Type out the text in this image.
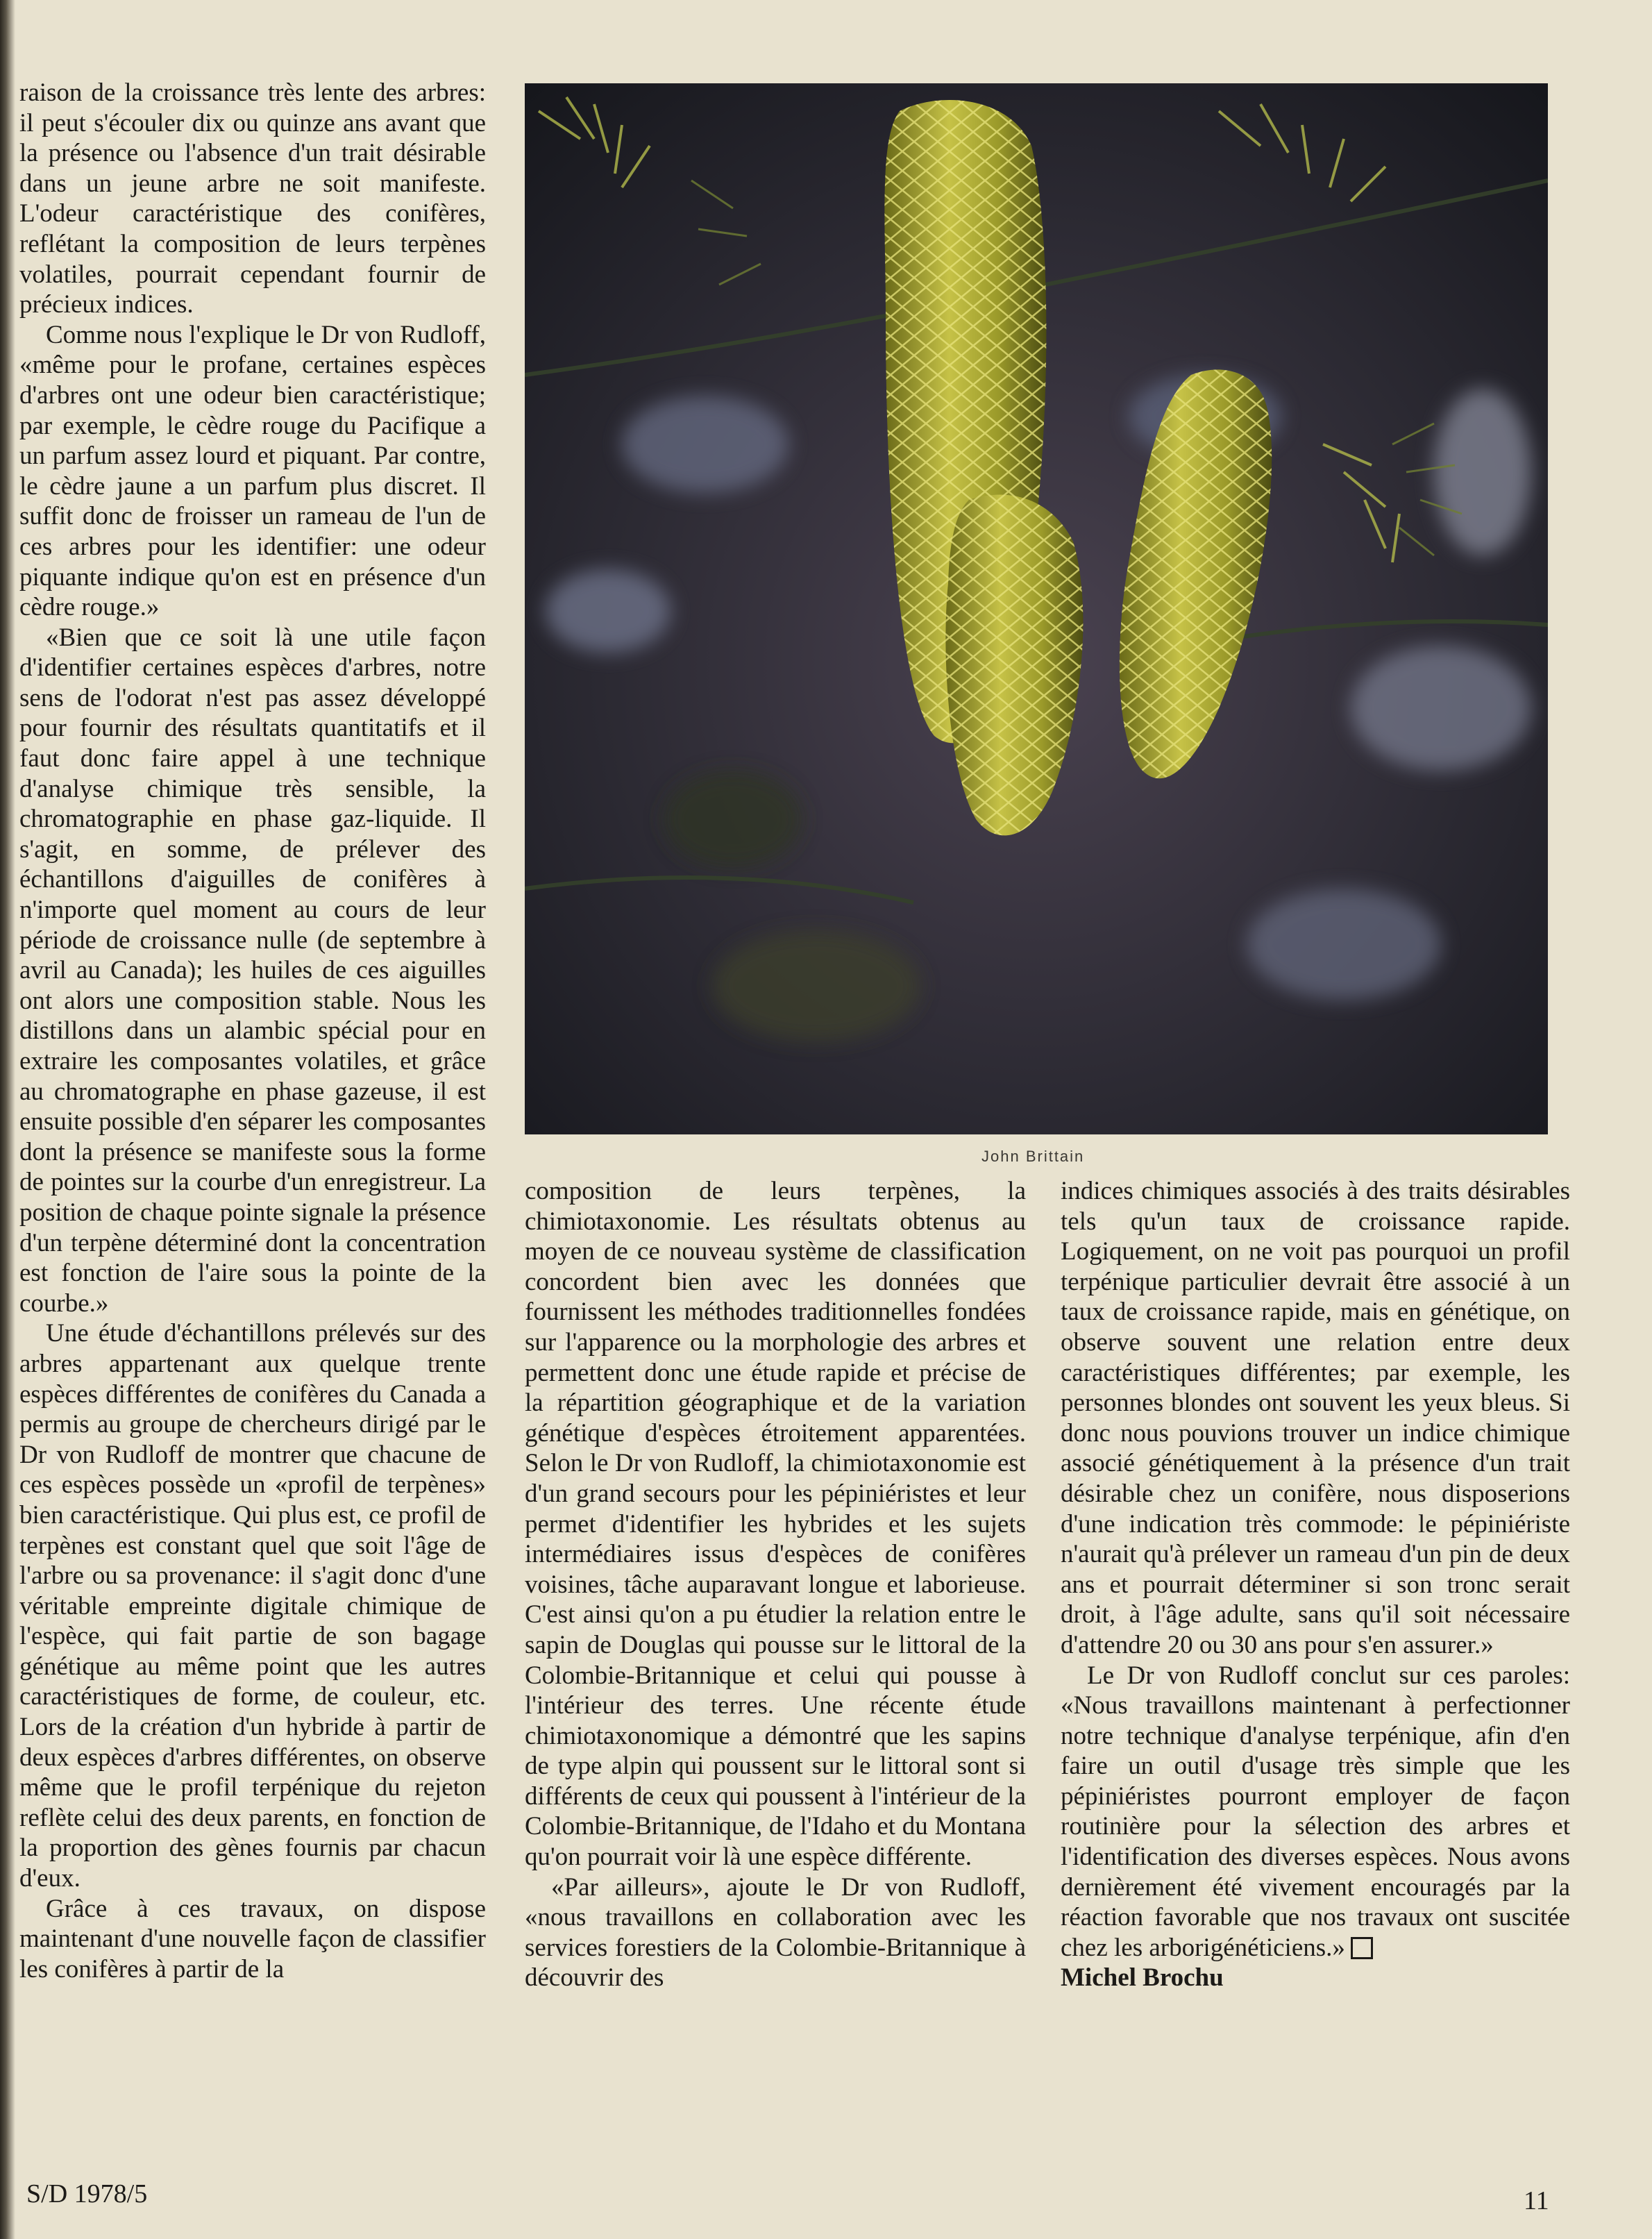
raison de la croissance très lente des arbres: il peut s'écouler dix ou quinze ans avant que la présence ou l'absence d'un trait désirable dans un jeune arbre ne soit manifeste. L'odeur caractéristique des conifères, reflétant la composition de leurs terpènes volatiles, pourrait cependant fournir de précieux indices.

Comme nous l'explique le Dr von Rudloff, «même pour le profane, certaines espèces d'arbres ont une odeur bien caractéristique; par exemple, le cèdre rouge du Pacifique a un parfum assez lourd et piquant. Par contre, le cèdre jaune a un parfum plus discret. Il suffit donc de froisser un rameau de l'un de ces arbres pour les identifier: une odeur piquante indique qu'on est en présence d'un cèdre rouge.»

«Bien que ce soit là une utile façon d'identifier certaines espèces d'arbres, notre sens de l'odorat n'est pas assez développé pour fournir des résultats quantitatifs et il faut donc faire appel à une technique d'analyse chimique très sensible, la chromatographie en phase gaz-liquide. Il s'agit, en somme, de prélever des échantillons d'aiguilles de conifères à n'importe quel moment au cours de leur période de croissance nulle (de septembre à avril au Canada); les huiles de ces aiguilles ont alors une composition stable. Nous les distillons dans un alambic spécial pour en extraire les composantes volatiles, et grâce au chromatographe en phase gazeuse, il est ensuite possible d'en séparer les composantes dont la présence se manifeste sous la forme de pointes sur la courbe d'un enregistreur. La position de chaque pointe signale la présence d'un terpène déterminé dont la concentration est fonction de l'aire sous la pointe de la courbe.»

Une étude d'échantillons prélevés sur des arbres appartenant aux quelque trente espèces différentes de conifères du Canada a permis au groupe de chercheurs dirigé par le Dr von Rudloff de montrer que chacune de ces espèces possède un «profil de terpènes» bien caractéristique. Qui plus est, ce profil de terpènes est constant quel que soit l'âge de l'arbre ou sa provenance: il s'agit donc d'une véritable empreinte digitale chimique de l'espèce, qui fait partie de son bagage génétique au même point que les autres caractéristiques de forme, de couleur, etc. Lors de la création d'un hybride à partir de deux espèces d'arbres différentes, on observe même que le profil terpénique du rejeton reflète celui des deux parents, en fonction de la proportion des gènes fournis par chacun d'eux.

Grâce à ces travaux, on dispose maintenant d'une nouvelle façon de classifier les conifères à partir de la

John Brittain

composition de leurs terpènes, la chimiotaxonomie. Les résultats obtenus au moyen de ce nouveau système de classification concordent bien avec les données que fournissent les méthodes traditionnelles fondées sur l'apparence ou la morphologie des arbres et permettent donc une étude rapide et précise de la répartition géographique et de la variation génétique d'espèces étroitement apparentées. Selon le Dr von Rudloff, la chimiotaxonomie est d'un grand secours pour les pépiniéristes et leur permet d'identifier les hybrides et les sujets intermédiaires issus d'espèces de conifères voisines, tâche auparavant longue et laborieuse. C'est ainsi qu'on a pu étudier la relation entre le sapin de Douglas qui pousse sur le littoral de la Colombie-Britannique et celui qui pousse à l'intérieur des terres. Une récente étude chimiotaxonomique a démontré que les sapins de type alpin qui poussent sur le littoral sont si différents de ceux qui poussent à l'intérieur de la Colombie-Britannique, de l'Idaho et du Montana qu'on pourrait voir là une espèce différente.

«Par ailleurs», ajoute le Dr von Rudloff, «nous travaillons en collaboration avec les services forestiers de la Colombie-Britannique à découvrir des

indices chimiques associés à des traits désirables tels qu'un taux de croissance rapide. Logiquement, on ne voit pas pourquoi un profil terpénique particulier devrait être associé à un taux de croissance rapide, mais en génétique, on observe souvent une relation entre deux caractéristiques différentes; par exemple, les personnes blondes ont souvent les yeux bleus. Si donc nous pouvions trouver un indice chimique associé génétiquement à la présence d'un trait désirable chez un conifère, nous disposerions d'une indication très commode: le pépiniériste n'aurait qu'à prélever un rameau d'un pin de deux ans et pourrait déterminer si son tronc serait droit, à l'âge adulte, sans qu'il soit nécessaire d'attendre 20 ou 30 ans pour s'en assurer.»

Le Dr von Rudloff conclut sur ces paroles: «Nous travaillons maintenant à perfectionner notre technique d'analyse terpénique, afin d'en faire un outil d'usage très simple que les pépiniéristes pourront employer de façon routinière pour la sélection des arbres et l'identification des diverses espèces. Nous avons dernièrement été vivement encouragés par la réaction favorable que nos travaux ont suscitée chez les arborigénéticiens.»

Michel Brochu

S/D 1978/5	11
